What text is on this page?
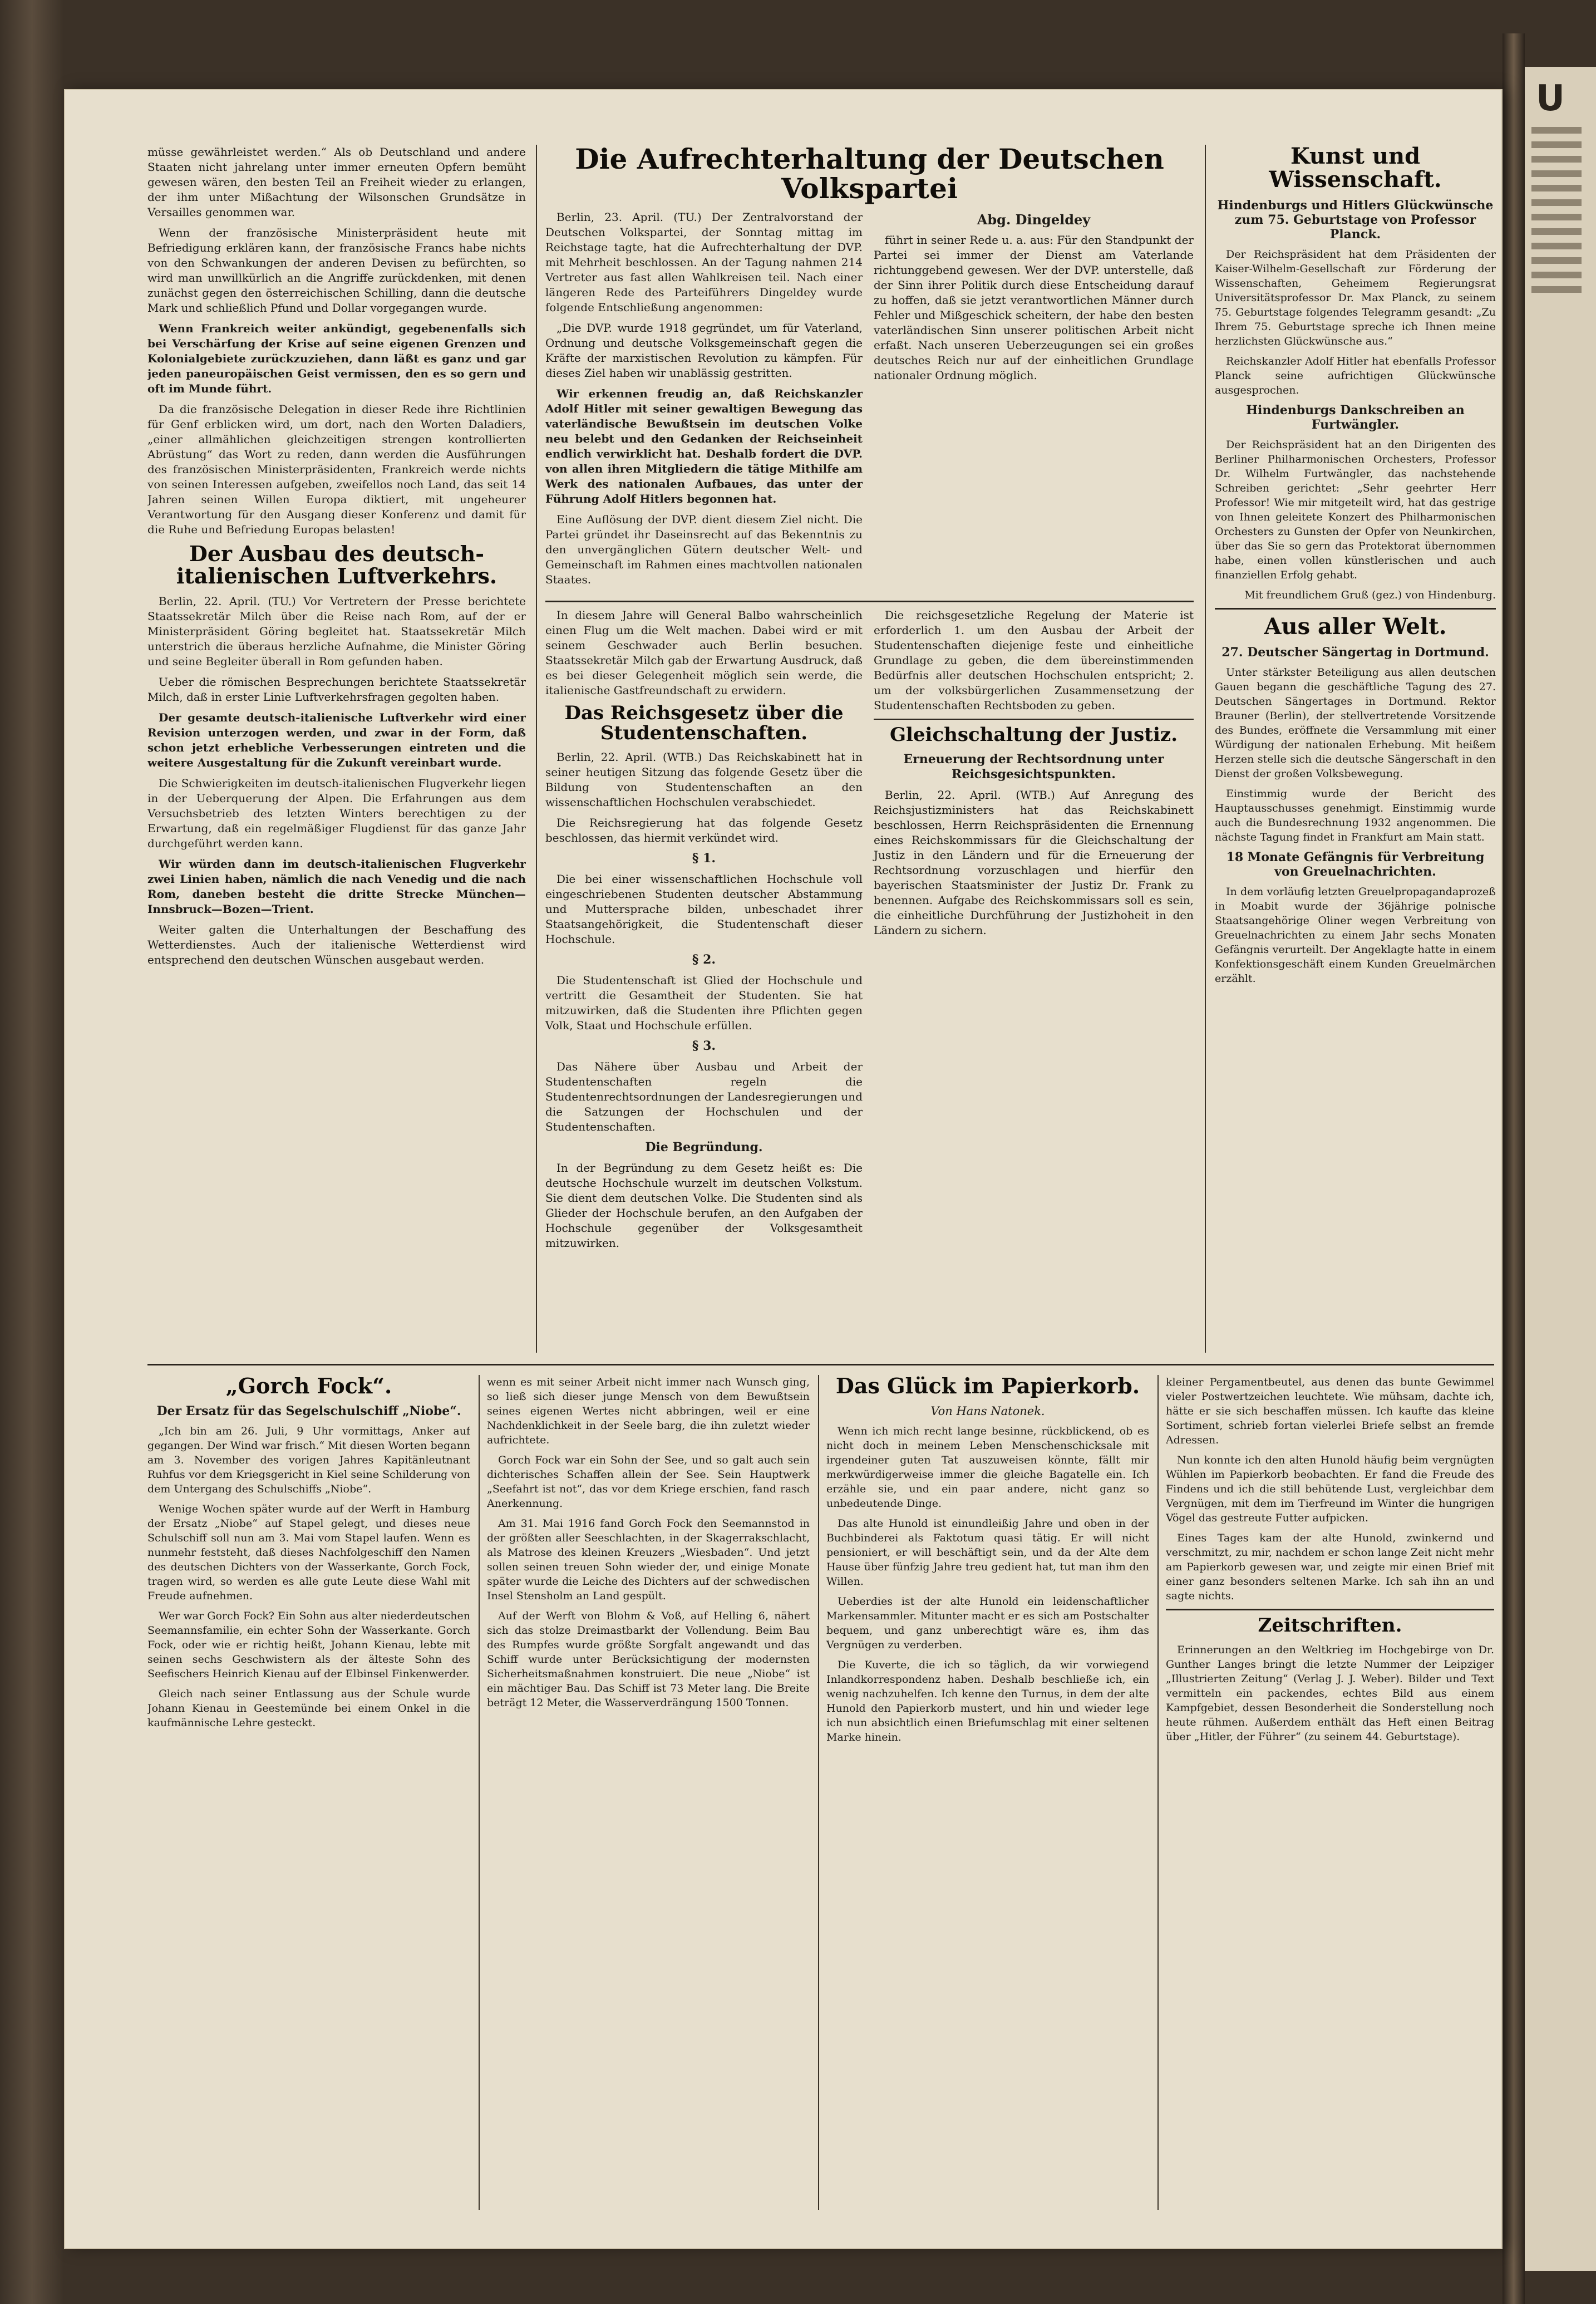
U

müsse gewährleistet werden.“ Als ob Deutschland und andere Staaten nicht jahrelang unter immer erneuten Opfern bemüht gewesen wären, den besten Teil an Freiheit wieder zu erlangen, der ihm unter Mißachtung der Wilsonschen Grundsätze in Versailles genommen war.

Wenn der französische Ministerpräsident heute mit Befriedigung erklären kann, der französische Francs habe nichts von den Schwankungen der anderen Devisen zu befürchten, so wird man unwillkürlich an die Angriffe zurückdenken, mit denen zunächst gegen den österreichischen Schilling, dann die deutsche Mark und schließlich Pfund und Dollar vorgegangen wurde.

Wenn Frankreich weiter ankündigt, gegebenenfalls sich bei Verschärfung der Krise auf seine eigenen Grenzen und Kolonialgebiete zurückzuziehen, dann läßt es ganz und gar jeden paneuropäischen Geist vermissen, den es so gern und oft im Munde führt.

Da die französische Delegation in dieser Rede ihre Richtlinien für Genf erblicken wird, um dort, nach den Worten Daladiers, „einer allmählichen gleichzeitigen strengen kontrollierten Abrüstung“ das Wort zu reden, dann werden die Ausführungen des französischen Ministerpräsidenten, Frankreich werde nichts von seinen Interessen aufgeben, zweifellos noch Land, das seit 14 Jahren seinen Willen Europa diktiert, mit ungeheurer Verantwortung für den Ausgang dieser Konferenz und damit für die Ruhe und Befriedung Europas belasten!

Der Ausbau des deutsch-italienischen Luftverkehrs.

Berlin, 22. April. (TU.) Vor Vertretern der Presse berichtete Staatssekretär Milch über die Reise nach Rom, auf der er Ministerpräsident Göring begleitet hat. Staatssekretär Milch unterstrich die überaus herzliche Aufnahme, die Minister Göring und seine Begleiter überall in Rom gefunden haben.

Ueber die römischen Besprechungen berichtete Staatssekretär Milch, daß in erster Linie Luftverkehrsfragen gegolten haben.

Der gesamte deutsch-italienische Luftverkehr wird einer Revision unterzogen werden, und zwar in der Form, daß schon jetzt erhebliche Verbesserungen eintreten und die weitere Ausgestaltung für die Zukunft vereinbart wurde.

Die Schwierigkeiten im deutsch-italienischen Flugverkehr liegen in der Ueberquerung der Alpen. Die Erfahrungen aus dem Versuchsbetrieb des letzten Winters berechtigen zu der Erwartung, daß ein regelmäßiger Flugdienst für das ganze Jahr durchgeführt werden kann.

Wir würden dann im deutsch-italienischen Flugverkehr zwei Linien haben, nämlich die nach Venedig und die nach Rom, daneben besteht die dritte Strecke München—Innsbruck—Bozen—Trient.

Weiter galten die Unterhaltungen der Beschaffung des Wetterdienstes. Auch der italienische Wetterdienst wird entsprechend den deutschen Wünschen ausgebaut werden.

Die Aufrechterhaltung der Deutschen Volkspartei

Berlin, 23. April. (TU.) Der Zentralvorstand der Deutschen Volkspartei, der Sonntag mittag im Reichstage tagte, hat die Aufrechterhaltung der DVP. mit Mehrheit beschlossen. An der Tagung nahmen 214 Vertreter aus fast allen Wahlkreisen teil. Nach einer längeren Rede des Parteiführers Dingeldey wurde folgende Entschließung angenommen:

„Die DVP. wurde 1918 gegründet, um für Vaterland, Ordnung und deutsche Volksgemeinschaft gegen die Kräfte der marxistischen Revolution zu kämpfen. Für dieses Ziel haben wir unablässig gestritten.

Wir erkennen freudig an, daß Reichskanzler Adolf Hitler mit seiner gewaltigen Bewegung das vaterländische Bewußtsein im deutschen Volke neu belebt und den Gedanken der Reichseinheit endlich verwirklicht hat. Deshalb fordert die DVP. von allen ihren Mitgliedern die tätige Mithilfe am Werk des nationalen Aufbaues, das unter der Führung Adolf Hitlers begonnen hat.

Eine Auflösung der DVP. dient diesem Ziel nicht. Die Partei gründet ihr Daseinsrecht auf das Bekenntnis zu den unvergänglichen Gütern deutscher Welt- und Gemeinschaft im Rahmen eines machtvollen nationalen Staates.

Abg. Dingeldey

führt in seiner Rede u. a. aus: Für den Standpunkt der Partei sei immer der Dienst am Vaterlande richtunggebend gewesen. Wer der DVP. unterstelle, daß der Sinn ihrer Politik durch diese Entscheidung darauf zu hoffen, daß sie jetzt verantwortlichen Männer durch Fehler und Mißgeschick scheitern, der habe den besten vaterländischen Sinn unserer politischen Arbeit nicht erfaßt. Nach unseren Ueberzeugungen sei ein großes deutsches Reich nur auf der einheitlichen Grundlage nationaler Ordnung möglich.

In diesem Jahre will General Balbo wahrscheinlich einen Flug um die Welt machen. Dabei wird er mit seinem Geschwader auch Berlin besuchen. Staatssekretär Milch gab der Erwartung Ausdruck, daß es bei dieser Gelegenheit möglich sein werde, die italienische Gastfreundschaft zu erwidern.

Das Reichsgesetz über die Studentenschaften.

Berlin, 22. April. (WTB.) Das Reichskabinett hat in seiner heutigen Sitzung das folgende Gesetz über die Bildung von Studentenschaften an den wissenschaftlichen Hochschulen verabschiedet.

Die Reichsregierung hat das folgende Gesetz beschlossen, das hiermit verkündet wird.

§ 1.

Die bei einer wissenschaftlichen Hochschule voll eingeschriebenen Studenten deutscher Abstammung und Muttersprache bilden, unbeschadet ihrer Staatsangehörigkeit, die Studentenschaft dieser Hochschule.

§ 2.

Die Studentenschaft ist Glied der Hochschule und vertritt die Gesamtheit der Studenten. Sie hat mitzuwirken, daß die Studenten ihre Pflichten gegen Volk, Staat und Hochschule erfüllen.

§ 3.

Das Nähere über Ausbau und Arbeit der Studentenschaften regeln die Studentenrechtsordnungen der Landesregierungen und die Satzungen der Hochschulen und der Studentenschaften.

Die Begründung.

In der Begründung zu dem Gesetz heißt es: Die deutsche Hochschule wurzelt im deutschen Volkstum. Sie dient dem deutschen Volke. Die Studenten sind als Glieder der Hochschule berufen, an den Aufgaben der Hochschule gegenüber der Volksgesamtheit mitzuwirken.

Die reichsgesetzliche Regelung der Materie ist erforderlich 1. um den Ausbau der Arbeit der Studentenschaften diejenige feste und einheitliche Grundlage zu geben, die dem übereinstimmenden Bedürfnis aller deutschen Hochschulen entspricht; 2. um der volksbürgerlichen Zusammensetzung der Studentenschaften Rechtsboden zu geben.

Gleichschaltung der Justiz.
Erneuerung der Rechtsordnung unter Reichsgesichtspunkten.

Berlin, 22. April. (WTB.) Auf Anregung des Reichsjustizministers hat das Reichskabinett beschlossen, Herrn Reichspräsidenten die Ernennung eines Reichskommissars für die Gleichschaltung der Justiz in den Ländern und für die Erneuerung der Rechtsordnung vorzuschlagen und hierfür den bayerischen Staatsminister der Justiz Dr. Frank zu benennen. Aufgabe des Reichskommissars soll es sein, die einheitliche Durchführung der Justizhoheit in den Ländern zu sichern.

Kunst und Wissenschaft.
Hindenburgs und Hitlers Glückwünsche zum 75. Geburtstage von Professor Planck.

Der Reichspräsident hat dem Präsidenten der Kaiser-Wilhelm-Gesellschaft zur Förderung der Wissenschaften, Geheimem Regierungsrat Universitätsprofessor Dr. Max Planck, zu seinem 75. Geburtstage folgendes Telegramm gesandt: „Zu Ihrem 75. Geburtstage spreche ich Ihnen meine herzlichsten Glückwünsche aus.“

Reichskanzler Adolf Hitler hat ebenfalls Professor Planck seine aufrichtigen Glückwünsche ausgesprochen.

Hindenburgs Dankschreiben an Furtwängler.

Der Reichspräsident hat an den Dirigenten des Berliner Philharmonischen Orchesters, Professor Dr. Wilhelm Furtwängler, das nachstehende Schreiben gerichtet: „Sehr geehrter Herr Professor! Wie mir mitgeteilt wird, hat das gestrige von Ihnen geleitete Konzert des Philharmonischen Orchesters zu Gunsten der Opfer von Neunkirchen, über das Sie so gern das Protektorat übernommen habe, einen vollen künstlerischen und auch finanziellen Erfolg gehabt.

Mit freundlichem Gruß (gez.) von Hindenburg.

Aus aller Welt.
27. Deutscher Sängertag in Dortmund.

Unter stärkster Beteiligung aus allen deutschen Gauen begann die geschäftliche Tagung des 27. Deutschen Sängertages in Dortmund. Rektor Brauner (Berlin), der stellvertretende Vorsitzende des Bundes, eröffnete die Versammlung mit einer Würdigung der nationalen Erhebung. Mit heißem Herzen stelle sich die deutsche Sängerschaft in den Dienst der großen Volksbewegung.

Einstimmig wurde der Bericht des Hauptausschusses genehmigt. Einstimmig wurde auch die Bundesrechnung 1932 angenommen. Die nächste Tagung findet in Frankfurt am Main statt.

18 Monate Gefängnis für Verbreitung von Greuelnachrichten.

In dem vorläufig letzten Greuelpropagandaprozeß in Moabit wurde der 36jährige polnische Staatsangehörige Oliner wegen Verbreitung von Greuelnachrichten zu einem Jahr sechs Monaten Gefängnis verurteilt. Der Angeklagte hatte in einem Konfektionsgeschäft einem Kunden Greuelmärchen erzählt.

„Gorch Fock“.
Der Ersatz für das Segelschulschiff „Niobe“.

„Ich bin am 26. Juli, 9 Uhr vormittags, Anker auf gegangen. Der Wind war frisch.“ Mit diesen Worten begann am 3. November des vorigen Jahres Kapitänleutnant Ruhfus vor dem Kriegsgericht in Kiel seine Schilderung von dem Untergang des Schulschiffs „Niobe“.

Wenige Wochen später wurde auf der Werft in Hamburg der Ersatz „Niobe“ auf Stapel gelegt, und dieses neue Schulschiff soll nun am 3. Mai vom Stapel laufen. Wenn es nunmehr feststeht, daß dieses Nachfolgeschiff den Namen des deutschen Dichters von der Wasserkante, Gorch Fock, tragen wird, so werden es alle gute Leute diese Wahl mit Freude aufnehmen.

Wer war Gorch Fock? Ein Sohn aus alter niederdeutschen Seemannsfamilie, ein echter Sohn der Wasserkante. Gorch Fock, oder wie er richtig heißt, Johann Kienau, lebte mit seinen sechs Geschwistern als der älteste Sohn des Seefischers Heinrich Kienau auf der Elbinsel Finkenwerder.

Gleich nach seiner Entlassung aus der Schule wurde Johann Kienau in Geestemünde bei einem Onkel in die kaufmännische Lehre gesteckt.

wenn es mit seiner Arbeit nicht immer nach Wunsch ging, so ließ sich dieser junge Mensch von dem Bewußtsein seines eigenen Wertes nicht abbringen, weil er eine Nachdenklichkeit in der Seele barg, die ihn zuletzt wieder aufrichtete.

Gorch Fock war ein Sohn der See, und so galt auch sein dichterisches Schaffen allein der See. Sein Hauptwerk „Seefahrt ist not“, das vor dem Kriege erschien, fand rasch Anerkennung.

Am 31. Mai 1916 fand Gorch Fock den Seemannstod in der größten aller Seeschlachten, in der Skagerrakschlacht, als Matrose des kleinen Kreuzers „Wiesbaden“. Und jetzt sollen seinen treuen Sohn wieder der, und einige Monate später wurde die Leiche des Dichters auf der schwedischen Insel Stensholm an Land gespült.

Auf der Werft von Blohm & Voß, auf Helling 6, nähert sich das stolze Dreimastbarkt der Vollendung. Beim Bau des Rumpfes wurde größte Sorgfalt angewandt und das Schiff wurde unter Berücksichtigung der modernsten Sicherheitsmaßnahmen konstruiert. Die neue „Niobe“ ist ein mächtiger Bau. Das Schiff ist 73 Meter lang. Die Breite beträgt 12 Meter, die Wasserverdrängung 1500 Tonnen.

Das Glück im Papierkorb.
Von Hans Natonek.

Wenn ich mich recht lange besinne, rückblickend, ob es nicht doch in meinem Leben Menschenschicksale mit irgendeiner guten Tat auszuweisen könnte, fällt mir merkwürdigerweise immer die gleiche Bagatelle ein. Ich erzähle sie, und ein paar andere, nicht ganz so unbedeutende Dinge.

Das alte Hunold ist einundleißig Jahre und oben in der Buchbinderei als Faktotum quasi tätig. Er will nicht pensioniert, er will beschäftigt sein, und da der Alte dem Hause über fünfzig Jahre treu gedient hat, tut man ihm den Willen.

Ueberdies ist der alte Hunold ein leidenschaftlicher Markensammler. Mitunter macht er es sich am Postschalter bequem, und ganz unberechtigt wäre es, ihm das Vergnügen zu verderben.

Die Kuverte, die ich so täglich, da wir vorwiegend Inlandkorrespondenz haben. Deshalb beschließe ich, ein wenig nachzuhelfen. Ich kenne den Turnus, in dem der alte Hunold den Papierkorb mustert, und hin und wieder lege ich nun absichtlich einen Briefumschlag mit einer seltenen Marke hinein.

kleiner Pergamentbeutel, aus denen das bunte Gewimmel vieler Postwertzeichen leuchtete. Wie mühsam, dachte ich, hätte er sie sich beschaffen müssen. Ich kaufte das kleine Sortiment, schrieb fortan vielerlei Briefe selbst an fremde Adressen.

Nun konnte ich den alten Hunold häufig beim vergnügten Wühlen im Papierkorb beobachten. Er fand die Freude des Findens und ich die still behütende Lust, vergleichbar dem Vergnügen, mit dem im Tierfreund im Winter die hungrigen Vögel das gestreute Futter aufpicken.

Eines Tages kam der alte Hunold, zwinkernd und verschmitzt, zu mir, nachdem er schon lange Zeit nicht mehr am Papierkorb gewesen war, und zeigte mir einen Brief mit einer ganz besonders seltenen Marke. Ich sah ihn an und sagte nichts.

Zeitschriften.

Erinnerungen an den Weltkrieg im Hochgebirge von Dr. Gunther Langes bringt die letzte Nummer der Leipziger „Illustrierten Zeitung“ (Verlag J. J. Weber). Bilder und Text vermitteln ein packendes, echtes Bild aus einem Kampfgebiet, dessen Besonderheit die Sonderstellung noch heute rühmen. Außerdem enthält das Heft einen Beitrag über „Hitler, der Führer“ (zu seinem 44. Geburtstage).
